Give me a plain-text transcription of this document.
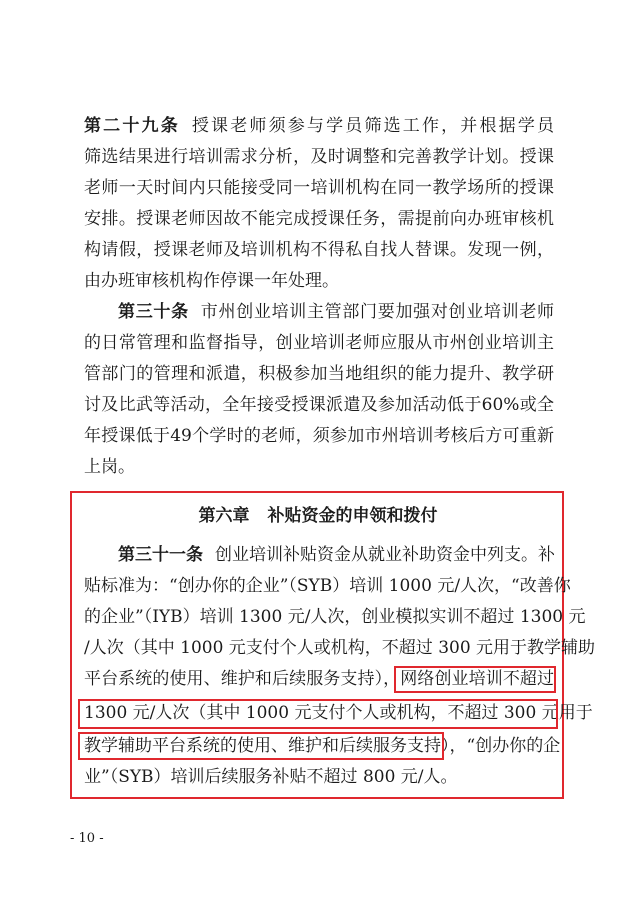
第二十九条 授课老师须参与学员筛选工作，并根据学员
筛选结果进行培训需求分析，及时调整和完善教学计划。授课
老师一天时间内只能接受同一培训机构在同一教学场所的授课
安排。授课老师因故不能完成授课任务，需提前向办班审核机
构请假，授课老师及培训机构不得私自找人替课。发现一例，
由办班审核机构作停课一年处理。
第三十条 市州创业培训主管部门要加强对创业培训老师
的日常管理和监督指导，创业培训老师应服从市州创业培训主
管部门的管理和派遣，积极参加当地组织的能力提升、教学研
讨及比武等活动，全年接受授课派遣及参加活动低于60%或全
年授课低于49个学时的老师，须参加市州培训考核后方可重新
上岗。
第六章 补贴资金的申领和拨付
第三十一条 创业培训补贴资金从就业补助资金中列支。补
贴标准为：“创办你的企业”（SYB）培训 1000 元/人次，“改善你
的企业”（IYB）培训 1300 元/人次，创业模拟实训不超过 1300 元
/人次（其中 1000 元支付个人或机构，不超过 300 元用于教学辅助
平台系统的使用、维护和后续服务支持），网络创业培训不超过
1300 元/人次（其中 1000 元支付个人或机构，不超过 300 元用于
教学辅助平台系统的使用、维护和后续服务支持），“创办你的企
业”（SYB）培训后续服务补贴不超过 800 元/人。
- 10 -
